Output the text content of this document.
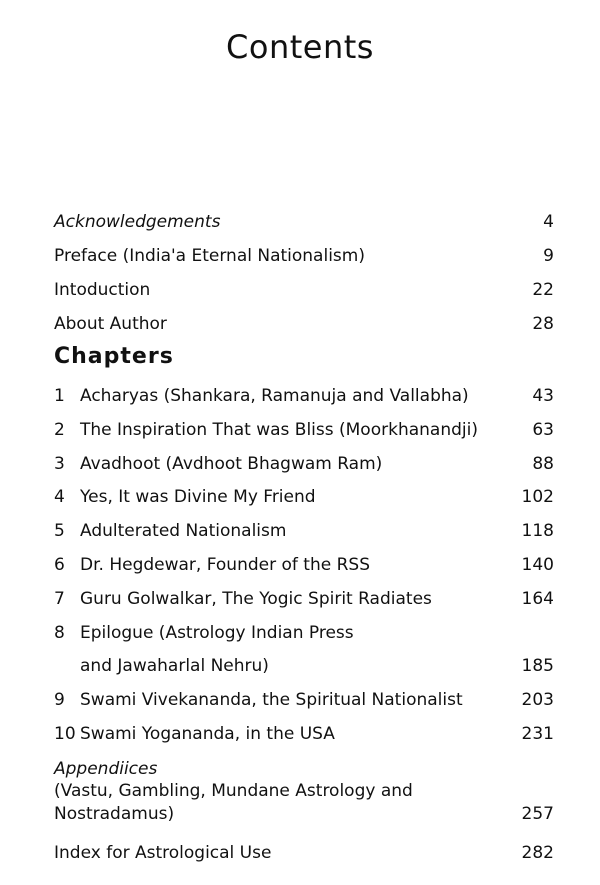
Contents
Acknowledgements	4
Preface (India'a Eternal Nationalism)	9
Intoduction	22
About Author	28
Chapters
1 Acharyas (Shankara, Ramanuja and Vallabha)	43
2 The Inspiration That was Bliss (Moorkhanandji)	63
3 Avadhoot (Avdhoot Bhagwam Ram)	88
4 Yes, It was Divine My Friend	102
5 Adulterated Nationalism	118
6 Dr. Hegdewar, Founder of the RSS	140
7 Guru Golwalkar, The Yogic Spirit Radiates	164
8 Epilogue (Astrology Indian Press
and Jawaharlal Nehru)	185
9 Swami Vivekananda, the Spiritual Nationalist	203
10 Swami Yogananda, in the USA	231
Appendiices
(Vastu, Gambling, Mundane Astrology and
Nostradamus)	257
Index for Astrological Use	282
